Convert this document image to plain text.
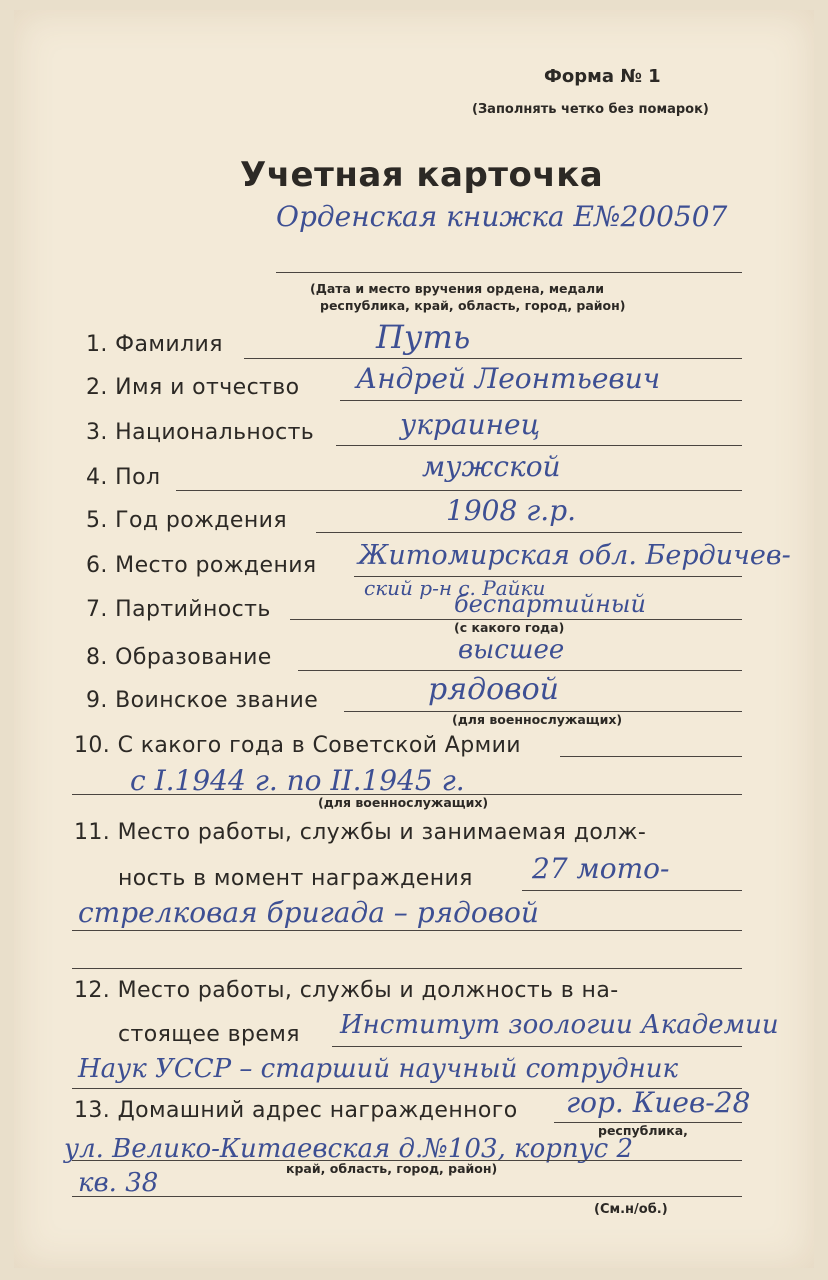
Форма № 1
(Заполнять четко без помарок)
Учетная карточка
Орденская книжка Е№200507
(Дата и место вручения ордена, медали
республика, край, область, город, район)
1. Фамилия	Путь
2. Имя и отчество Андрей Леонтьевич
3. Национальность	украинец
4. Пол	мужской
5. Год рождения	1908 г.р.
6. Место рождения Житомирская обл. Бердичев-
ский р-н с. Райки
7. Партийность	беспартийный
(с какого года)
8. Образование	высшее
9. Воинское звание	рядовой
(для военнослужащих)
10. С какого года в Советской Армии
с I.1944 г. по II.1945 г.
(для военнослужащих)
11. Место работы, службы и занимаемая долж-
ность в момент награждения 27 мото-
стрелковая бригада – рядовой
12. Место работы, службы и должность в на-
стоящее время Институт зоологии Академии
Наук УССР – старший научный сотрудник
13. Домашний адрес награжденного гор. Киев-28
республика,
ул. Велико-Китаевская д.№103, корпус 2
край, область, город, район)
кв. 38
(См.н/об.)
